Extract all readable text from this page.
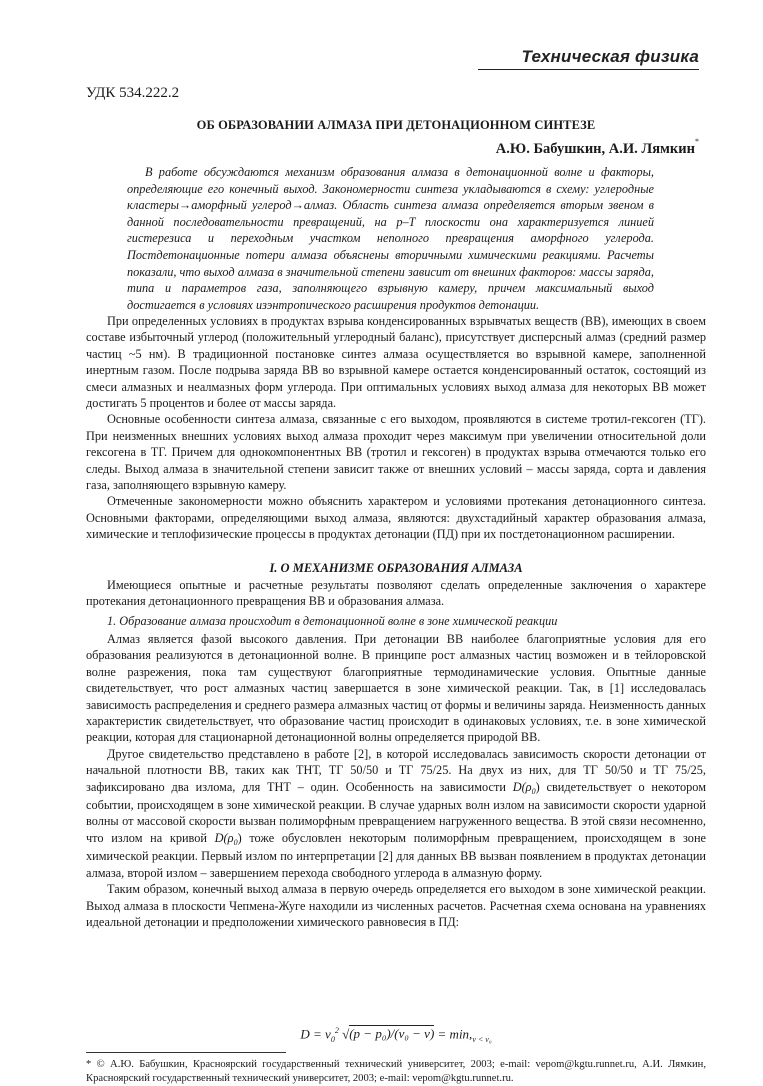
Техническая физика
УДК 534.222.2
ОБ ОБРАЗОВАНИИ АЛМАЗА ПРИ ДЕТОНАЦИОННОМ СИНТЕЗЕ
А.Ю. Бабушкин, А.И. Лямкин*

В работе обсуждаются механизм образования алмаза в детонационной волне и факторы, определяющие его конечный выход. Закономерности синтеза укладываются в схему: углеродные кластеры→аморфный углерод→алмаз. Область синтеза алмаза определяется вторым звеном в данной последовательности превращений, на p–T плоскости она характеризуется линией гистерезиса и переходным участком неполного превращения аморфного углерода. Постдетонационные потери алмаза объяснены вторичными химическими реакциями. Расчеты показали, что выход алмаза в значительной степени зависит от внешних факторов: массы заряда, типа и параметров газа, заполняющего взрывную камеру, причем максимальный выход достигается в условиях изэнтропического расширения продуктов детонации.

При определенных условиях в продуктах взрыва конденсированных взрывчатых веществ (ВВ), имеющих в своем составе избыточный углерод (положительный углеродный баланс), присутствует дисперсный алмаз (средний размер частиц ~5 нм). В традиционной постановке синтез алмаза осуществляется во взрывной камере, заполненной инертным газом. После подрыва заряда ВВ во взрывной камере остается конденсированный остаток, состоящий из смеси алмазных и неалмазных форм углерода. При оптимальных условиях выход алмаза для некоторых ВВ может достигать 5 процентов и более от массы заряда.

Основные особенности синтеза алмаза, связанные с его выходом, проявляются в системе тротил-гексоген (ТГ). При неизменных внешних условиях выход алмаза проходит через максимум при увеличении относительной доли гексогена в ТГ. Причем для однокомпонентных ВВ (тротил и гексоген) в продуктах взрыва отмечаются только его следы. Выход алмаза в значительной степени зависит также от внешних условий – массы заряда, сорта и давления газа, заполняющего взрывную камеру.

Отмеченные закономерности можно объяснить характером и условиями протекания детонационного синтеза. Основными факторами, определяющими выход алмаза, являются: двухстадийный характер образования алмаза, химические и теплофизические процессы в продуктах детонации (ПД) при их постдетонационном расширении.

I. О МЕХАНИЗМЕ ОБРАЗОВАНИЯ АЛМАЗА

Имеющиеся опытные и расчетные результаты позволяют сделать определенные заключения о характере протекания детонационного превращения ВВ и образования алмаза.

1. Образование алмаза происходит в детонационной волне в зоне химической реакции

Алмаз является фазой высокого давления. При детонации ВВ наиболее благоприятные условия для его образования реализуются в детонационной волне. В принципе рост алмазных частиц возможен и в тейлоровской волне разрежения, пока там существуют благоприятные термодинамические условия. Опытные данные свидетельствует, что рост алмазных частиц завершается в зоне химической реакции. Так, в [1] исследовалась зависимость распределения и среднего размера алмазных частиц от формы и величины заряда. Неизменность данных характеристик свидетельствует, что образование частиц происходит в одинаковых условиях, т.е. в зоне химической реакции, которая для стационарной детонационной волны определяется природой ВВ.

Другое свидетельство представлено в работе [2], в которой исследовалась зависимость скорости детонации от начальной плотности ВВ, таких как ТНТ, ТГ 50/50 и ТГ 75/25. На двух из них, для ТГ 50/50 и ТГ 75/25, зафиксировано два излома, для ТНТ – один. Особенность на зависимости $D(\rho_0)$ свидетельствует о некотором событии, происходящем в зоне химической реакции. В случае ударных волн излом на зависимости скорости ударной волны от массовой скорости вызван полиморфным превращением нагруженного вещества. В этой связи несомненно, что излом на кривой $D(\rho_0)$ тоже обусловлен некоторым полиморфным превращением, происходящем в зоне химической реакции. Первый излом по интерпретации [2] для данных ВВ вызван появлением в продуктах детонации алмаза, второй излом – завершением перехода свободного углерода в алмазную форму.

Таким образом, конечный выход алмаза в первую очередь определяется его выходом в зоне химической реакции. Выход алмаза в плоскости Чепмена-Жуге находили из численных расчетов. Расчетная схема основана на уравнениях идеальной детонации и предположении химического равновесия в ПД:

$D = v_0^2$ $√(p - p_0)/(v_0 - v) = \min,_{v < v_0}$

* © А.Ю. Бабушкин, Красноярский государственный технический университет, 2003; e-mail: vepom@kgtu.runnet.ru, А.И. Лямкин, Красноярский государственный технический университет, 2003; e-mail: vepom@kgtu.runnet.ru.
